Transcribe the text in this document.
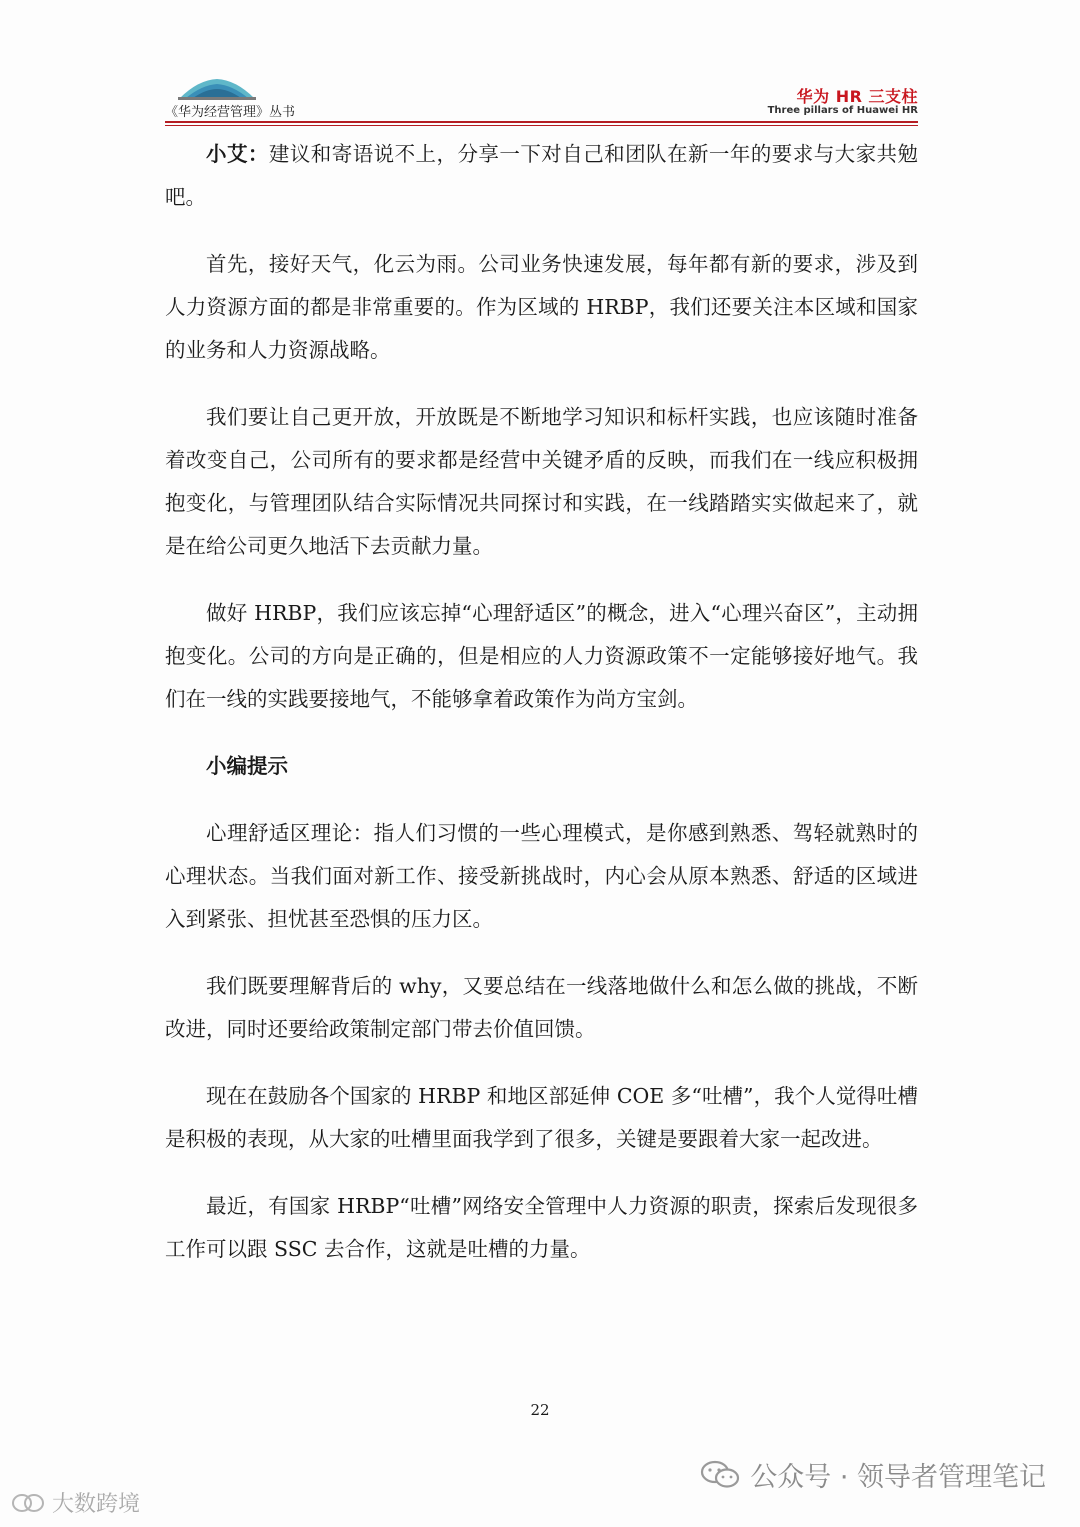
《华为经营管理》丛书
华为 HR 三支柱
Three pillars of Huawei HR

小艾：建议和寄语说不上，分享一下对自己和团队在新一年的要求与大家共勉吧。

首先，接好天气，化云为雨。公司业务快速发展，每年都有新的要求，涉及到人力资源方面的都是非常重要的。作为区域的 HRBP，我们还要关注本区域和国家的业务和人力资源战略。

我们要让自己更开放，开放既是不断地学习知识和标杆实践，也应该随时准备着改变自己，公司所有的要求都是经营中关键矛盾的反映，而我们在一线应积极拥抱变化，与管理团队结合实际情况共同探讨和实践，在一线踏踏实实做起来了，就是在给公司更久地活下去贡献力量。

做好 HRBP，我们应该忘掉“心理舒适区”的概念，进入“心理兴奋区”，主动拥抱变化。公司的方向是正确的，但是相应的人力资源政策不一定能够接好地气。我们在一线的实践要接地气，不能够拿着政策作为尚方宝剑。

小编提示

心理舒适区理论：指人们习惯的一些心理模式，是你感到熟悉、驾轻就熟时的心理状态。当我们面对新工作、接受新挑战时，内心会从原本熟悉、舒适的区域进入到紧张、担忧甚至恐惧的压力区。

我们既要理解背后的 why，又要总结在一线落地做什么和怎么做的挑战，不断改进，同时还要给政策制定部门带去价值回馈。

现在在鼓励各个国家的 HRBP 和地区部延伸 COE 多“吐槽”，我个人觉得吐槽是积极的表现，从大家的吐槽里面我学到了很多，关键是要跟着大家一起改进。

最近，有国家 HRBP“吐槽”网络安全管理中人力资源的职责，探索后发现很多工作可以跟 SSC 去合作，这就是吐槽的力量。

22
公众号 · 领导者管理笔记
大数跨境
